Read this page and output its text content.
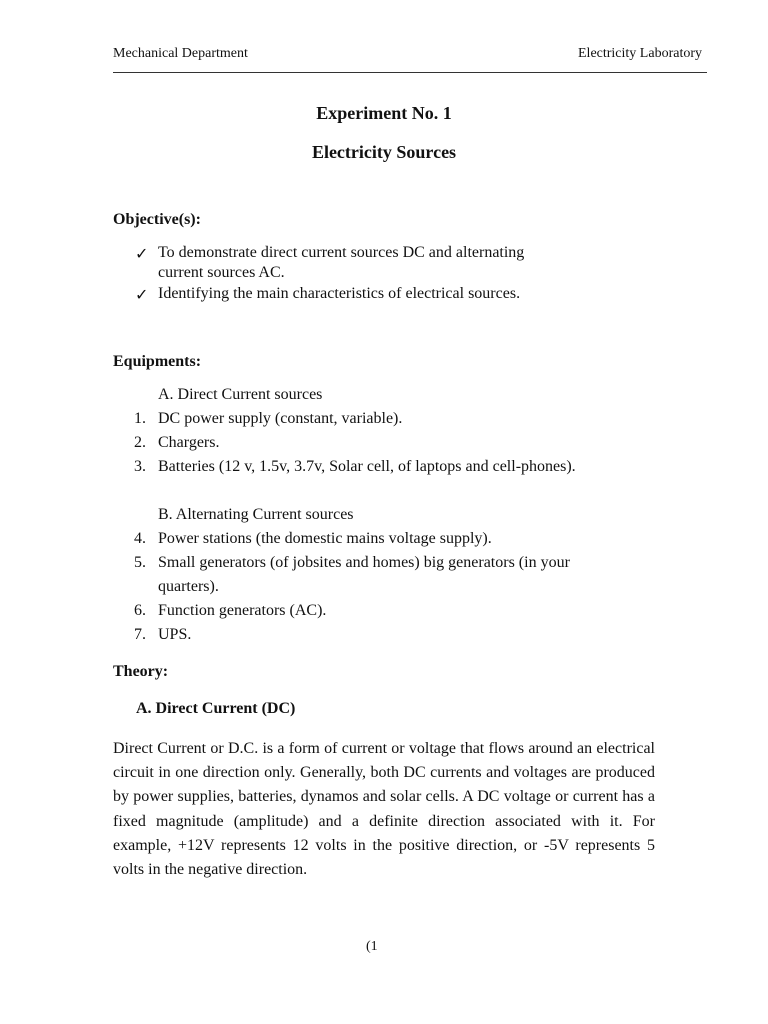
Mechanical Department	Electricity Laboratory
Experiment No. 1
Electricity Sources
Objective(s):
✓ To demonstrate direct current sources DC and alternating
current sources AC.
✓ Identifying the main characteristics of electrical sources.
Equipments:
A. Direct Current sources
1. DC power supply (constant, variable).
2. Chargers.
3. Batteries (12 v, 1.5v, 3.7v, Solar cell, of laptops and cell-phones).
B. Alternating Current sources
4. Power stations (the domestic mains voltage supply).
5. Small generators (of jobsites and homes) big generators (in your
quarters).
6. Function generators (AC).
7. UPS.
Theory:
A. Direct Current (DC)
Direct Current or D.C. is a form of current or voltage that flows around an electrical circuit in one direction only. Generally, both DC currents and voltages are produced by power supplies, batteries, dynamos and solar cells. A DC voltage or current has a fixed magnitude (amplitude) and a definite direction associated with it. For example, +12V represents 12 volts in the positive direction, or -5V represents 5 volts in the negative direction.
(1
